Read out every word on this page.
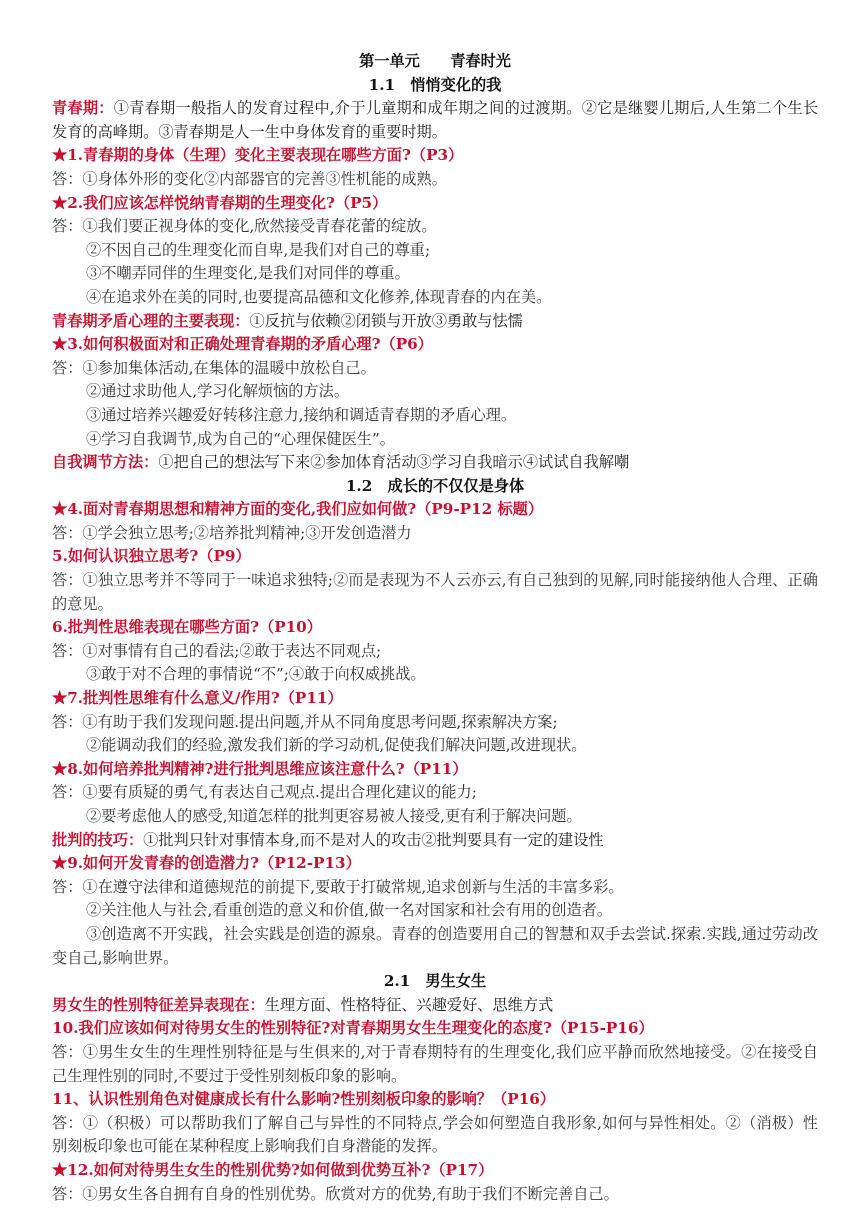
第一单元　　青春时光
1.1　悄悄变化的我
青春期：①青春期一般指人的发育过程中,介于儿童期和成年期之间的过渡期。②它是继婴儿期后,人生第二个生长发育的高峰期。③青春期是人一生中身体发育的重要时期。
★1.青春期的身体（生理）变化主要表现在哪些方面?（P3）
答：①身体外形的变化②内部器官的完善③性机能的成熟。
★2.我们应该怎样悦纳青春期的生理变化?（P5）
答：①我们要正视身体的变化,欣然接受青春花蕾的绽放。
②不因自己的生理变化而自卑,是我们对自己的尊重;
③不嘲弄同伴的生理变化,是我们对同伴的尊重。
④在追求外在美的同时,也要提高品德和文化修养,体现青春的内在美。
青春期矛盾心理的主要表现：①反抗与依赖②闭锁与开放③勇敢与怯懦
★3.如何积极面对和正确处理青春期的矛盾心理?（P6）
答：①参加集体活动,在集体的温暖中放松自己。
②通过求助他人,学习化解烦恼的方法。
③通过培养兴趣爱好转移注意力,接纳和调适青春期的矛盾心理。
④学习自我调节,成为自己的“心理保健医生”。
自我调节方法：①把自己的想法写下来②参加体育活动③学习自我暗示④试试自我解嘲
1.2　成长的不仅仅是身体
★4.面对青春期思想和精神方面的变化,我们应如何做?（P9-P12 标题）
答：①学会独立思考;②培养批判精神;③开发创造潜力
5.如何认识独立思考?（P9）
答：①独立思考并不等同于一味追求独特;②而是表现为不人云亦云,有自己独到的见解,同时能接纳他人合理、正确的意见。
6.批判性思维表现在哪些方面?（P10）
答：①对事情有自己的看法;②敢于表达不同观点;
③敢于对不合理的事情说“不”;④敢于向权威挑战。
★7.批判性思维有什么意义/作用?（P11）
答：①有助于我们发现问题.提出问题,并从不同角度思考问题,探索解决方案;
②能调动我们的经验,激发我们新的学习动机,促使我们解决问题,改进现状。
★8.如何培养批判精神?进行批判思维应该注意什么?（P11）
答：①要有质疑的勇气,有表达自己观点.提出合理化建议的能力;
②要考虑他人的感受,知道怎样的批判更容易被人接受,更有利于解决问题。
批判的技巧：①批判只针对事情本身,而不是对人的攻击②批判要具有一定的建设性
★9.如何开发青春的创造潜力?（P12-P13）
答：①在遵守法律和道德规范的前提下,要敢于打破常规,追求创新与生活的丰富多彩。
②关注他人与社会,看重创造的意义和价值,做一名对国家和社会有用的创造者。
③创造离不开实践，社会实践是创造的源泉。青春的创造要用自己的智慧和双手去尝试.探索.实践,通过劳动改变自己,影响世界。
2.1　男生女生
男女生的性别特征差异表现在：生理方面、性格特征、兴趣爱好、思维方式
10.我们应该如何对待男女生的性别特征?对青春期男女生生理变化的态度?（P15-P16）
答：①男生女生的生理性别特征是与生俱来的,对于青春期特有的生理变化,我们应平静而欣然地接受。②在接受自己生理性别的同时,不要过于受性别刻板印象的影响。
11、认识性别角色对健康成长有什么影响?性别刻板印象的影响？（P16）
答：①（积极）可以帮助我们了解自己与异性的不同特点,学会如何塑造自我形象,如何与异性相处。②（消极）性别刻板印象也可能在某种程度上影响我们自身潜能的发挥。
★12.如何对待男生女生的性别优势?如何做到优势互补?（P17）
答：①男女生各自拥有自身的性别优势。欣赏对方的优势,有助于我们不断完善自己。
